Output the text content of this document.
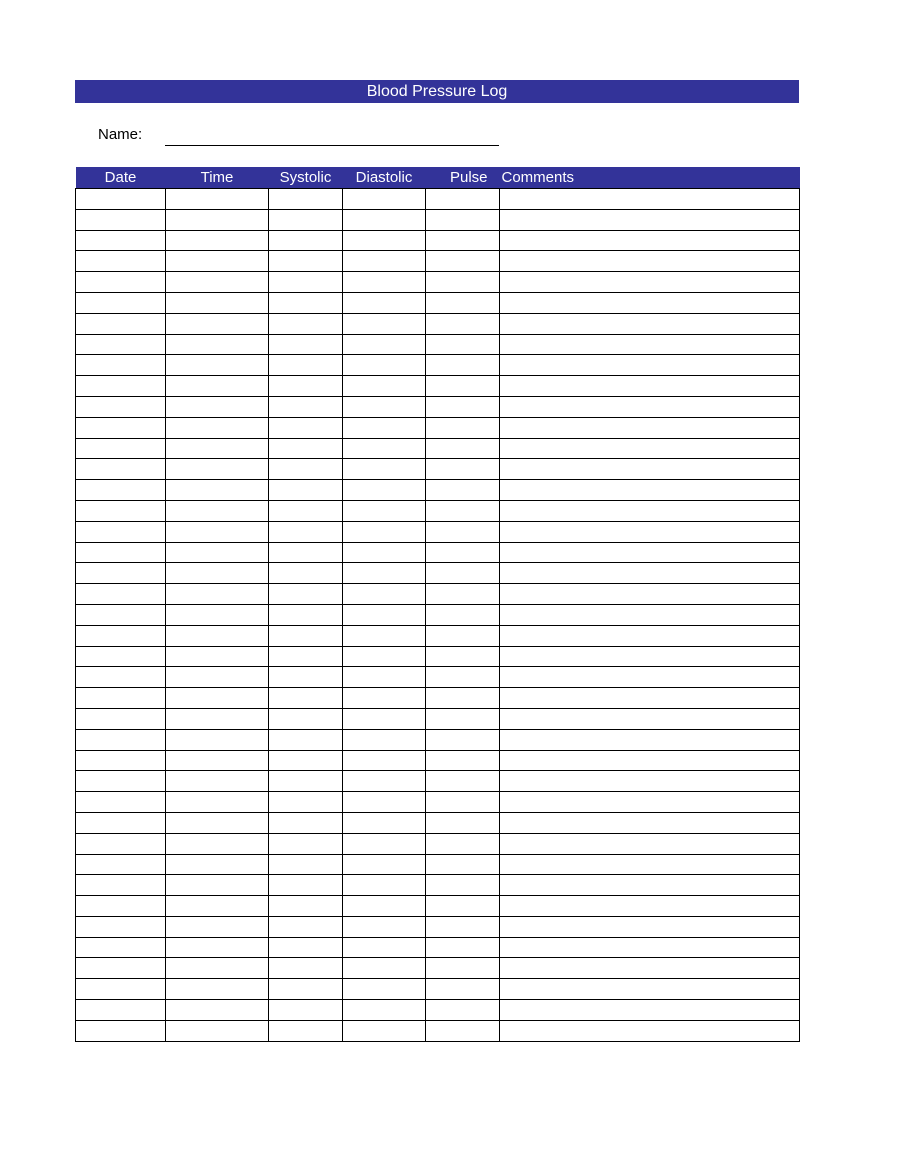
Blood Pressure Log
Name:
Date	Time	Systolic	Diastolic	Pulse	Comments
